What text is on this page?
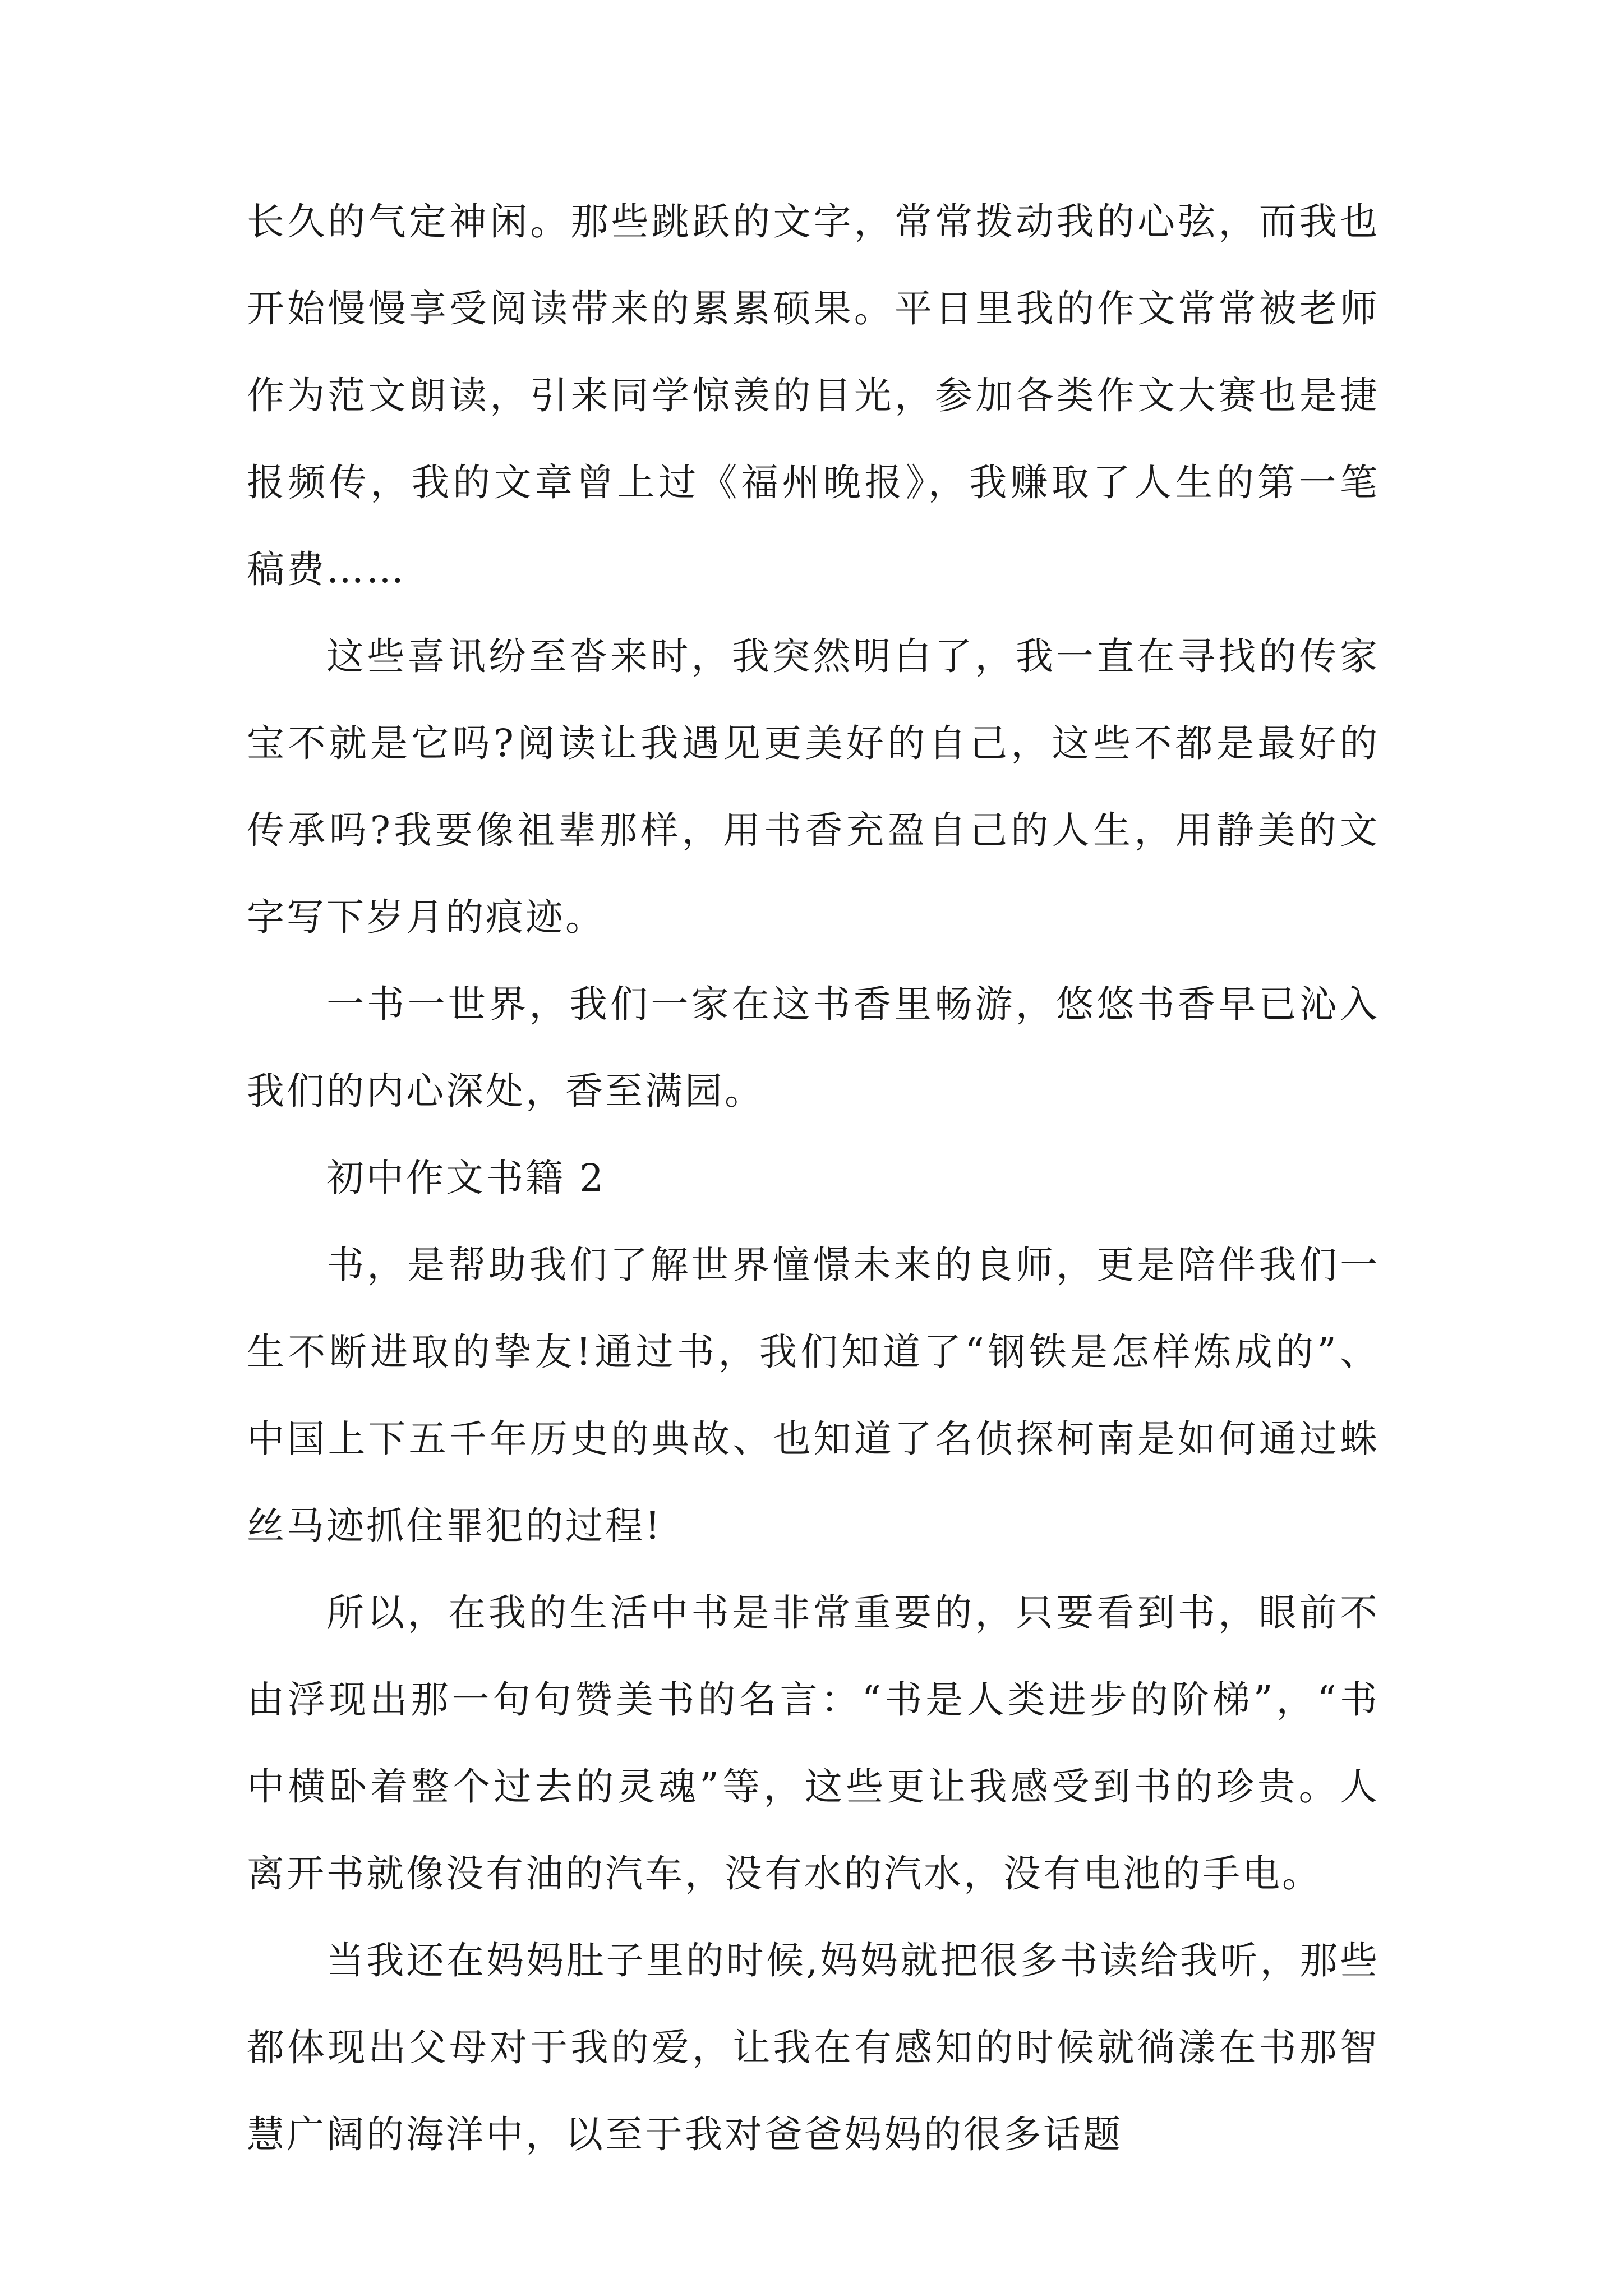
长久的气定神闲。那些跳跃的文字，常常拨动我的心弦，而我也开始慢慢享受阅读带来的累累硕果。平日里我的作文常常被老师作为范文朗读，引来同学惊羡的目光，参加各类作文大赛也是捷报频传，我的文章曾上过《福州晚报》，我赚取了人生的第一笔稿费……

这些喜讯纷至沓来时，我突然明白了，我一直在寻找的传家宝不就是它吗?阅读让我遇见更美好的自己，这些不都是最好的传承吗?我要像祖辈那样，用书香充盈自己的人生，用静美的文字写下岁月的痕迹。

一书一世界，我们一家在这书香里畅游，悠悠书香早已沁入我们的内心深处，香至满园。

初中作文书籍 2

书，是帮助我们了解世界憧憬未来的良师，更是陪伴我们一生不断进取的挚友!通过书，我们知道了“钢铁是怎样炼成的”、中国上下五千年历史的典故、也知道了名侦探柯南是如何通过蛛丝马迹抓住罪犯的过程!

所以，在我的生活中书是非常重要的，只要看到书，眼前不由浮现出那一句句赞美书的名言：“书是人类进步的阶梯”，“书中横卧着整个过去的灵魂”等，这些更让我感受到书的珍贵。人离开书就像没有油的汽车，没有水的汽水，没有电池的手电。

当我还在妈妈肚子里的时候,妈妈就把很多书读给我听，那些都体现出父母对于我的爱，让我在有感知的时候就徜漾在书那智慧广阔的海洋中，以至于我对爸爸妈妈的很多话题
